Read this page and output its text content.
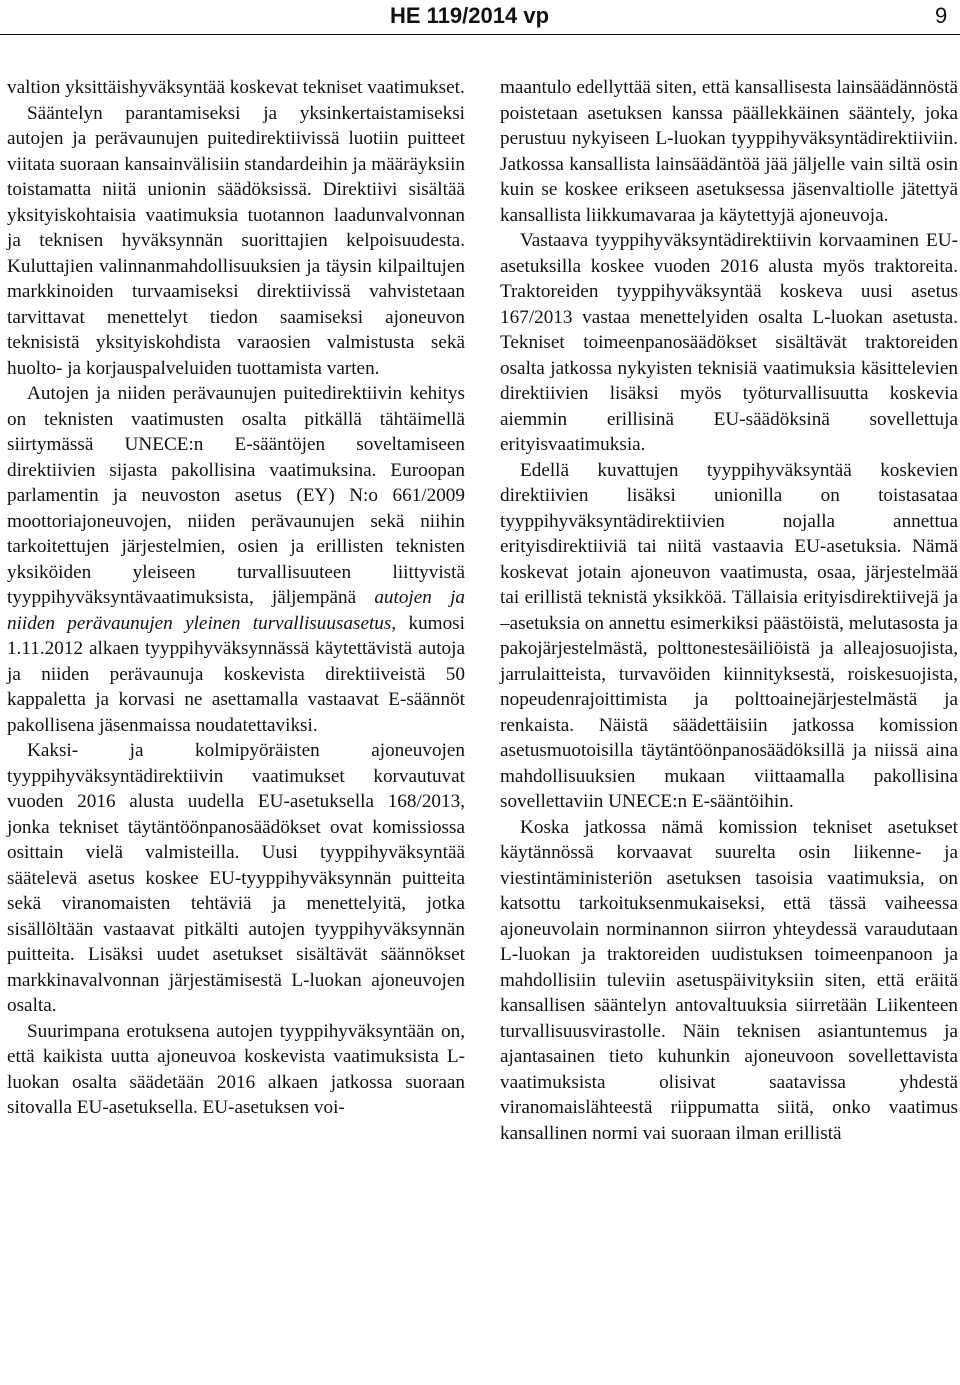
HE 119/2014 vp	9

valtion yksittäishyväksyntää koskevat tekniset vaatimukset.

Sääntelyn parantamiseksi ja yksinkertaistamiseksi autojen ja perävaunujen puitedirektiivissä luotiin puitteet viitata suoraan kansainvälisiin standardeihin ja määräyksiin toistamatta niitä unionin säädöksissä. Direktiivi sisältää yksityiskohtaisia vaatimuksia tuotannon laadunvalvonnan ja teknisen hyväksynnän suorittajien kelpoisuudesta. Kuluttajien valinnanmahdollisuuksien ja täysin kilpailtujen markkinoiden turvaamiseksi direktiivissä vahvistetaan tarvittavat menettelyt tiedon saamiseksi ajoneuvon teknisistä yksityiskohdista varaosien valmistusta sekä huolto- ja korjauspalveluiden tuottamista varten.

Autojen ja niiden perävaunujen puitedirektiivin kehitys on teknisten vaatimusten osalta pitkällä tähtäimellä siirtymässä UNECE:n E-sääntöjen soveltamiseen direktiivien sijasta pakollisina vaatimuksina. Euroopan parlamentin ja neuvoston asetus (EY) N:o 661/2009 moottoriajoneuvojen, niiden perävaunujen sekä niihin tarkoitettujen järjestelmien, osien ja erillisten teknisten yksiköiden yleiseen turvallisuuteen liittyvistä tyyppihyväksyntävaatimuksista, jäljempänä autojen ja niiden perävaunujen yleinen turvallisuusasetus, kumosi 1.11.2012 alkaen tyyppihyväksynnässä käytettävistä autoja ja niiden perävaunuja koskevista direktiiveistä 50 kappaletta ja korvasi ne asettamalla vastaavat E-säännöt pakollisena jäsenmaissa noudatettaviksi.

Kaksi- ja kolmipyöräisten ajoneuvojen tyyppihyväksyntädirektiivin vaatimukset korvautuvat vuoden 2016 alusta uudella EU-asetuksella 168/2013, jonka tekniset täytäntöönpanosäädökset ovat komissiossa osittain vielä valmisteilla. Uusi tyyppihyväksyntää säätelevä asetus koskee EU-tyyppihyväksynnän puitteita sekä viranomaisten tehtäviä ja menettelyitä, jotka sisällöltään vastaavat pitkälti autojen tyyppihyväksynnän puitteita. Lisäksi uudet asetukset sisältävät säännökset markkinavalvonnan järjestämisestä L-luokan ajoneuvojen osalta.

Suurimpana erotuksena autojen tyyppihyväksyntään on, että kaikista uutta ajoneuvoa koskevista vaatimuksista L-luokan osalta säädetään 2016 alkaen jatkossa suoraan sitovalla EU-asetuksella. EU-asetuksen voi-

maantulo edellyttää siten, että kansallisesta lainsäädännöstä poistetaan asetuksen kanssa päällekkäinen sääntely, joka perustuu nykyiseen L-luokan tyyppihyväksyntädirektiiviin. Jatkossa kansallista lainsäädäntöä jää jäljelle vain siltä osin kuin se koskee erikseen asetuksessa jäsenvaltiolle jätettyä kansallista liikkumavaraa ja käytettyjä ajoneuvoja.

Vastaava tyyppihyväksyntädirektiivin korvaaminen EU-asetuksilla koskee vuoden 2016 alusta myös traktoreita. Traktoreiden tyyppihyväksyntää koskeva uusi asetus 167/2013 vastaa menettelyiden osalta L-luokan asetusta. Tekniset toimeenpanosäädökset sisältävät traktoreiden osalta jatkossa nykyisten teknisiä vaatimuksia käsittelevien direktiivien lisäksi myös työturvallisuutta koskevia aiemmin erillisinä EU-säädöksinä sovellettuja erityisvaatimuksia.

Edellä kuvattujen tyyppihyväksyntää koskevien direktiivien lisäksi unionilla on toistasataa tyyppihyväksyntädirektiivien nojalla annettua erityisdirektiiviä tai niitä vastaavia EU-asetuksia. Nämä koskevat jotain ajoneuvon vaatimusta, osaa, järjestelmää tai erillistä teknistä yksikköä. Tällaisia erityisdirektiivejä ja –asetuksia on annettu esimerkiksi päästöistä, melutasosta ja pakojärjestelmästä, polttonestesäiliöistä ja alleajosuojista, jarrulaitteista, turvavöiden kiinnityksestä, roiskesuojista, nopeudenrajoittimista ja polttoainejärjestelmästä ja renkaista. Näistä säädettäisiin jatkossa komission asetusmuotoisilla täytäntöönpanosäädöksillä ja niissä aina mahdollisuuksien mukaan viittaamalla pakollisina sovellettaviin UNECE:n E-sääntöihin.

Koska jatkossa nämä komission tekniset asetukset käytännössä korvaavat suurelta osin liikenne- ja viestintäministeriön asetuksen tasoisia vaatimuksia, on katsottu tarkoituksenmukaiseksi, että tässä vaiheessa ajoneuvolain norminannon siirron yhteydessä varaudutaan L-luokan ja traktoreiden uudistuksen toimeenpanoon ja mahdollisiin tuleviin asetuspäivityksiin siten, että eräitä kansallisen sääntelyn antovaltuuksia siirretään Liikenteen turvallisuusvirastolle. Näin teknisen asiantuntemus ja ajantasainen tieto kuhunkin ajoneuvoon sovellettavista vaatimuksista olisivat saatavissa yhdestä viranomaislähteestä riippumatta siitä, onko vaatimus kansallinen normi vai suoraan ilman erillistä
